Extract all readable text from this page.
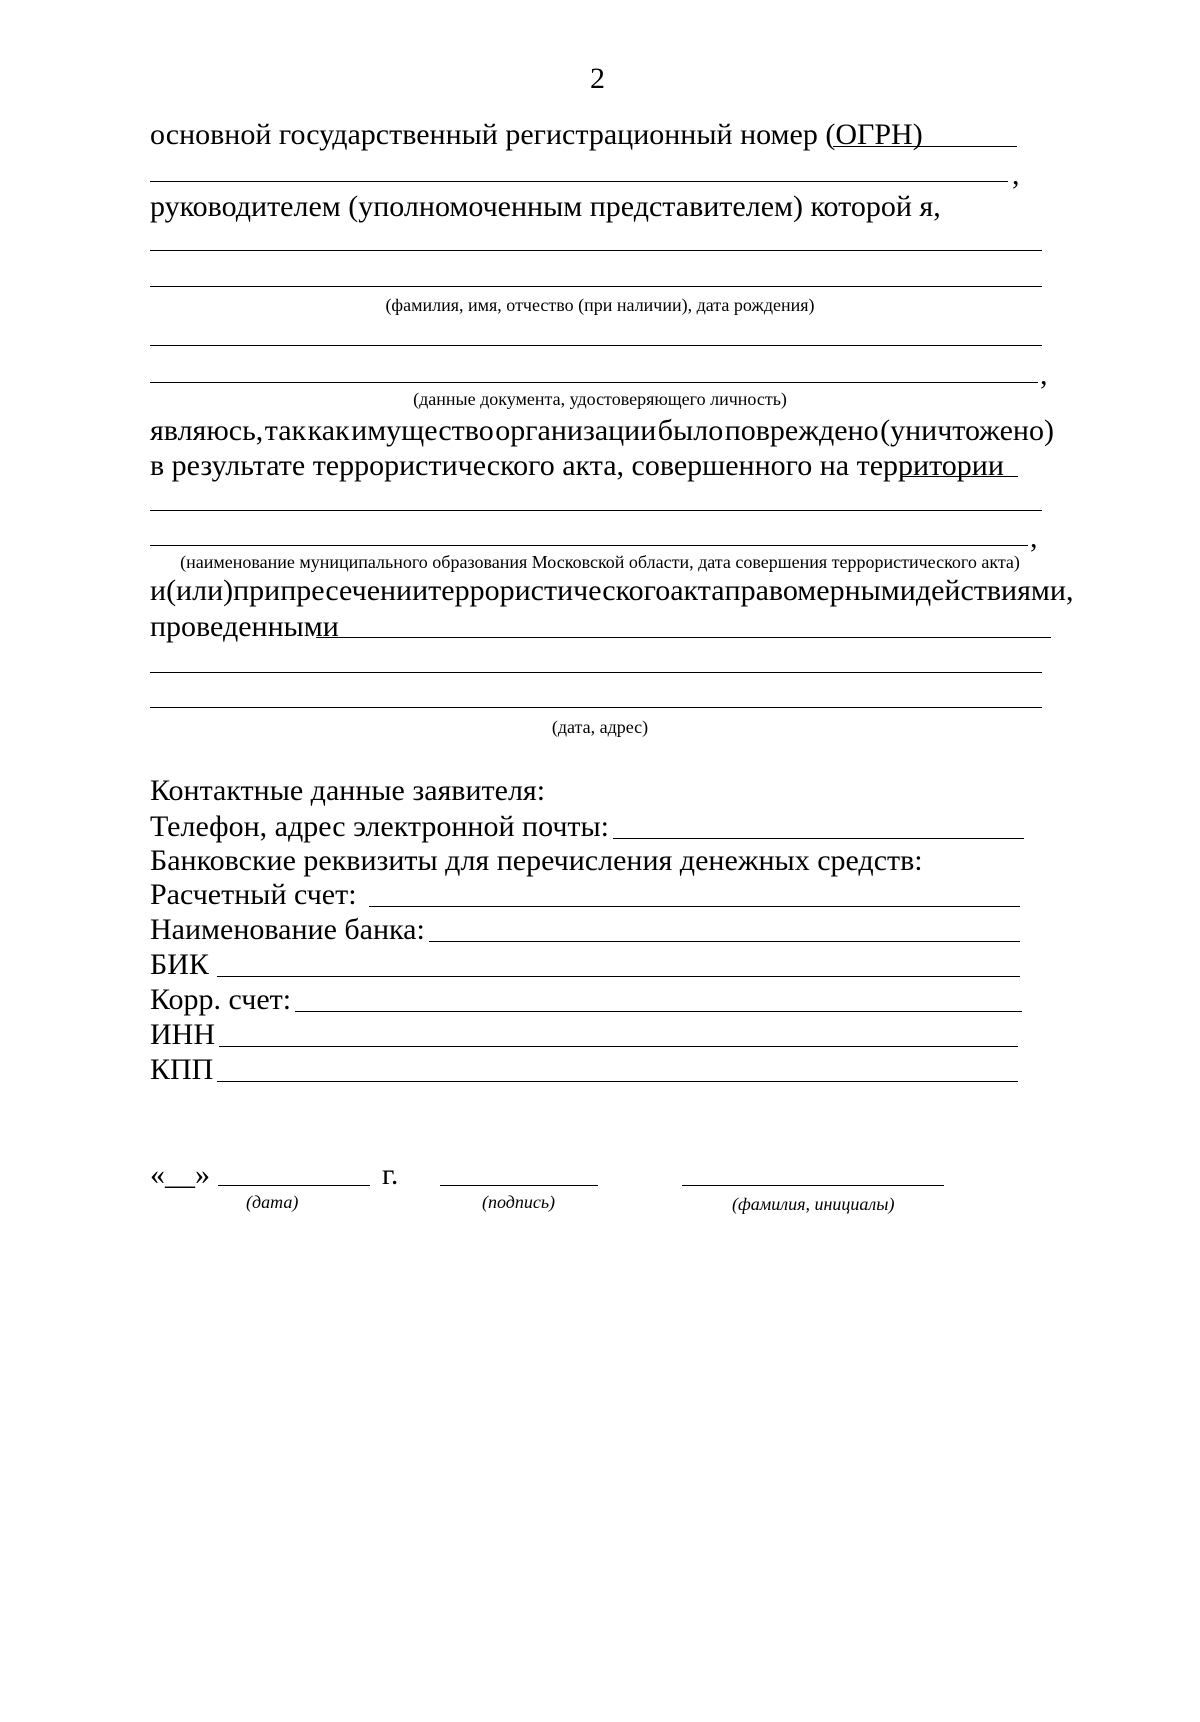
2
основной государственный регистрационный номер (ОГРН)
,
руководителем (уполномоченным представителем) которой я,
(фамилия, имя, отчество (при наличии), дата рождения)
,
(данные документа, удостоверяющего личность)
являюсь, так как имущество организации было повреждено (уничтожено)
в результате террористического акта, совершенного на территории
,
(наименование муниципального образования Московской области, дата совершения террористического акта)
и (или) при пресечении террористического акта правомерными действиями,
проведенными
(дата, адрес)
Контактные данные заявителя:
Телефон, адрес электронной почты:
Банковские реквизиты для перечисления денежных средств:
Расчетный счет:
Наименование банка:
БИК
Корр. счет:
ИНН
КПП
«__»	г.
(дата)	(подпись)	(фамилия, инициалы)
